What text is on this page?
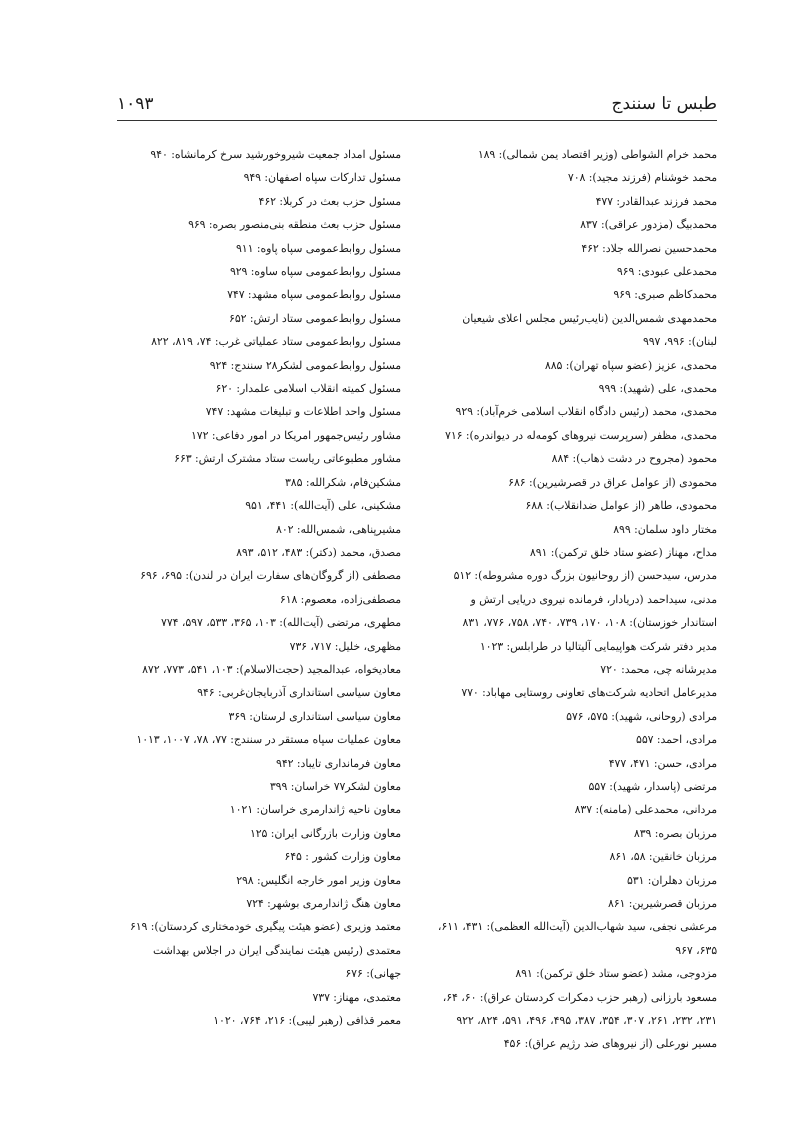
طبس تا سنندج
۱۰۹۳
محمد خرام الشواطی (وزیر اقتصاد یمن شمالی): ۱۸۹
محمد خوشنام (فرزند مجید): ۷۰۸
محمد فرزند عبدالقادر: ۴۷۷
محمدبیگ (مزدور عراقی): ۸۳۷
محمدحسین نصرالله جلاد: ۴۶۲
محمدعلی عبودی: ۹۶۹
محمدکاظم صبری: ۹۶۹
محمدمهدی شمس‌الدین (نایب‌رئیس مجلس اعلای شیعیان لبنان): ۹۹۶، ۹۹۷
محمدی، عزیز (عضو سپاه تهران): ۸۸۵
محمدی، علی (شهید): ۹۹۹
محمدی، محمد (رئیس دادگاه انقلاب اسلامی خرم‌آباد): ۹۲۹
محمدی، مظفر (سرپرست نیروهای کومه‌له در دیواندره): ۷۱۶
محمود (مجروح در دشت ذهاب): ۸۸۴
محمودی (از عوامل عراق در قصرشیرین): ۶۸۶
محمودی، طاهر (از عوامل ضدانقلاب): ۶۸۸
مختار داود سلمان: ۸۹۹
مداح، مهناز (عضو ستاد خلق ترکمن): ۸۹۱
مدرس، سیدحسن (از روحانیون بزرگ دوره مشروطه): ۵۱۲
مدنی، سیداحمد (دریادار، فرمانده نیروی دریایی ارتش و استاندار خوزستان): ۱۰۸، ۱۷۰، ۷۳۹، ۷۴۰، ۷۵۸، ۷۷۶، ۸۳۱
مدیر دفتر شرکت هواپیمایی آلیتالیا در طرابلس: ۱۰۲۳
مدیرشانه چی، محمد: ۷۲۰
مدیرعامل اتحادیه شرکت‌های تعاونی روستایی مهاباد: ۷۷۰
مرادی (روحانی، شهید): ۵۷۵، ۵۷۶
مرادی، احمد: ۵۵۷
مرادی، حسن: ۴۷۱، ۴۷۷
مرتضی (پاسدار، شهید): ۵۵۷
مردانی، محمدعلی (مامنه): ۸۳۷
مرزبان بصره: ۸۳۹
مرزبان خانقین: ۵۸، ۸۶۱
مرزبان دهلران: ۵۳۱
مرزبان قصرشیرین: ۸۶۱
مرعشی نجفی، سید شهاب‌الدین (آیت‌الله العظمی): ۴۳۱، ۶۱۱، ۶۳۵، ۹۶۷
مزدوجی، مشد (عضو ستاد خلق ترکمن): ۸۹۱
مسعود بارزانی (رهبر حزب دمکرات کردستان عراق): ۶۰، ۶۴، ۲۳۱، ۲۳۲، ۲۶۱، ۳۰۷، ۳۵۴، ۳۸۷، ۴۹۵، ۴۹۶، ۵۹۱، ۸۲۴، ۹۲۲
مسیر نورعلی (از نیروهای ضد رژیم عراق): ۴۵۶
مسئول امداد جمعیت شیروخورشید سرخ کرمانشاه: ۹۴۰
مسئول تدارکات سپاه اصفهان: ۹۴۹
مسئول حزب بعث در کربلا: ۴۶۲
مسئول حزب بعث منطقه بنی‌منصور بصره: ۹۶۹
مسئول روابط‌عمومی سپاه پاوه: ۹۱۱
مسئول روابط‌عمومی سپاه ساوه: ۹۲۹
مسئول روابط‌عمومی سپاه مشهد: ۷۴۷
مسئول روابط‌عمومی ستاد ارتش: ۶۵۲
مسئول روابط‌عمومی ستاد عملیاتی غرب: ۷۴، ۸۱۹، ۸۲۲
مسئول روابط‌عمومی لشکر۲۸ سنندج: ۹۲۴
مسئول کمیته انقلاب اسلامی علمدار: ۶۲۰
مسئول واحد اطلاعات و تبلیغات مشهد: ۷۴۷
مشاور رئیس‌جمهور امریکا در امور دفاعی: ۱۷۲
مشاور مطبوعاتی ریاست ستاد مشترک ارتش: ۶۶۳
مشکین‌فام، شکرالله: ۳۸۵
مشکینی، علی (آیت‌الله): ۴۴۱، ۹۵۱
مشیرپناهی، شمس‌الله: ۸۰۲
مصدق، محمد (دکتر): ۴۸۳، ۵۱۲، ۸۹۳
مصطفی (از گروگان‌های سفارت ایران در لندن): ۶۹۵، ۶۹۶
مصطفی‌زاده، معصوم: ۶۱۸
مطهری، مرتضی (آیت‌الله): ۱۰۳، ۳۶۵، ۵۳۳، ۵۹۷، ۷۷۴
مظهری، خلیل: ۷۱۷، ۷۳۶
معادیخواه، عبدالمجید (حجت‌الاسلام): ۱۰۳، ۵۴۱، ۷۷۳، ۸۷۲
معاون سیاسی استانداری آذربایجان‌غربی: ۹۴۶
معاون سیاسی استانداری لرستان: ۳۶۹
معاون عملیات سپاه مستقر در سنندج: ۷۷، ۷۸، ۱۰۰۷، ۱۰۱۳
معاون فرمانداری تایباد: ۹۴۲
معاون لشکر۷۷ خراسان: ۳۹۹
معاون ناحیه ژاندارمری خراسان: ۱۰۲۱
معاون وزارت بازرگانی ایران: ۱۲۵
معاون وزارت کشور : ۶۴۵
معاون وزیر امور خارجه انگلیس: ۲۹۸
معاون هنگ ژاندارمری بوشهر: ۷۲۴
معتمد وزیری (عضو هیئت پیگیری خودمختاری کردستان): ۶۱۹
معتمدی (رئیس هیئت نمایندگی ایران در اجلاس بهداشت جهانی): ۶۷۶
معتمدی، مهناز: ۷۳۷
معمر قذافی (رهبر لیبی): ۲۱۶، ۷۶۴، ۱۰۲۰
